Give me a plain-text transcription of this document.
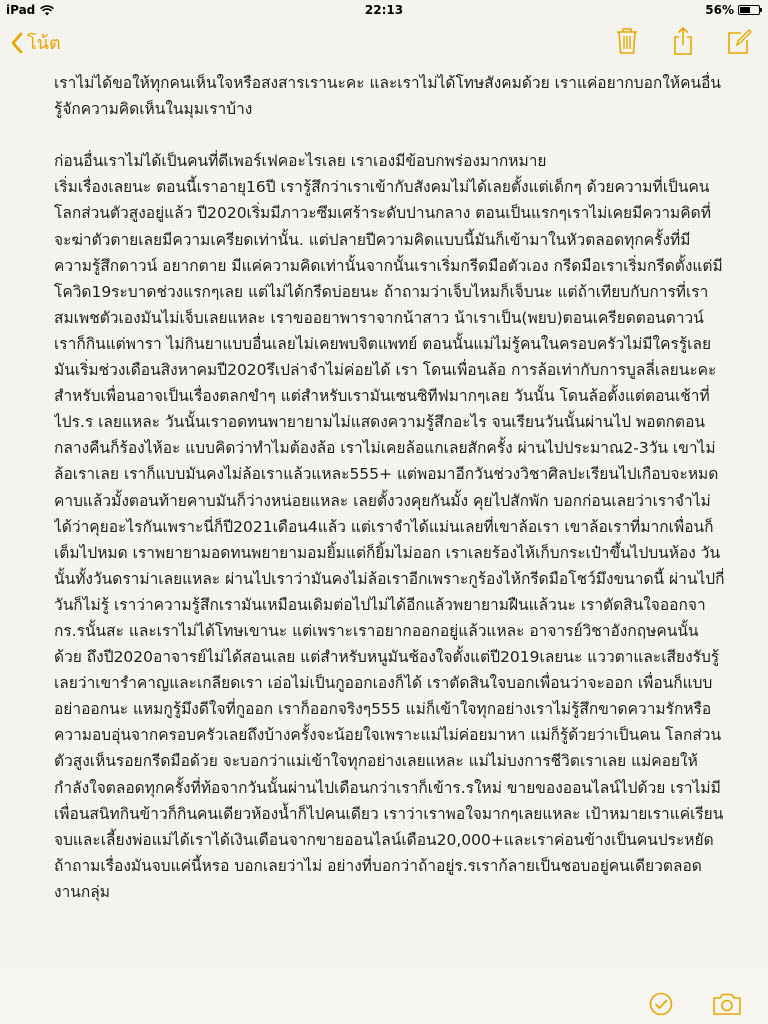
iPad	22:13	56%
โน้ต

เราไม่ได้ขอให้ทุกคนเห็นใจหรือสงสารเรานะคะ และเราไม่ได้โทษสังคมด้วย เราแค่อยากบอกให้คนอื่นรู้จักความคิดเห็นในมุมเราบ้าง

ก่อนอื่นเราไม่ได้เป็นคนที่ดีเพอร์เฟคอะไรเลย เราเองมีข้อบกพร่องมากหมาย

เริ่มเรื่องเลยนะ ตอนนี้เราอายุ16ปี เรารู้สึกว่าเราเข้ากับสังคมไม่ได้เลยตั้งแต่เด็กๆ ด้วยความที่เป็นคนโลกส่วนตัวสูงอยู่แล้ว ปี2020เริ่มมีภาวะซึมเศร้าระดับปานกลาง ตอนเป็นแรกๆเราไม่เคยมีความคิดที่จะฆ่าตัวตายเลยมีความเครียดเท่านั้น. แต่ปลายปีความคิดแบบนี้มันก็เข้ามาในหัวตลอดทุกครั้งที่มีความรู้สึกดาวน์ อยากตาย มีแค่ความคิดเท่านั้นจากนั้นเราเริ่มกรีดมือตัวเอง กรีดมือเราเริ่มกรีดตั้งแต่มีโควิด19ระบาดช่วงแรกๆเลย แต่ไม่ได้กรีดบ่อยนะ ถ้าถามว่าเจ็บไหมก็เจ็บนะ แต่ถ้าเทียบกับการที่เราสมเพชตัวเองมันไม่เจ็บเลยแหละ เราขออยาพาราจากน้าสาว น้าเราเป็น(พยบ)ตอนเครียดตอนดาวน์เราก็กินแต่พารา ไม่กินยาแบบอื่นเลยไม่เคยพบจิตแพทย์ ตอนนั้นแม่ไม่รู้คนในครอบครัวไม่มีใครรู้เลย

มันเริ่มช่วงเดือนสิงหาคมปี2020รึเปล่าจำไม่ค่อยได้ เรา โดนเพื่อนล้อ การล้อเท่ากับการบูลลี่เลยนะคะ

สำหรับเพื่อนอาจเป็นเรื่องตลกขำๆ แต่สำหรับเรามันเซนซิทีฟมากๆเลย วันนั้น โดนล้อตั้งแต่ตอนเช้าที่ไปร.ร เลยแหละ วันนั้นเราอดทนพายายามไม่แสดงความรู้สึกอะไร จนเรียนวันนั้นผ่านไป พอตกตอนกลางคืนก็ร้องไห้อะ แบบคิดว่าทำไมต้องล้อ เราไม่เคยล้อแกเลยสักครั้ง ผ่านไปประมาณ2-3วัน เขาไม่ล้อเราเลย เราก็แบบมันคงไม่ล้อเราแล้วแหละ555+ แต่พอมาอีกวันช่วงวิชาศิลปะเรียนไปเกือบจะหมดคาบแล้วมั้งตอนท้ายคาบมันก็ว่างหน่อยแหละ เลยตั้งวงคุยกันมั้ง คุยไปสักพัก บอกก่อนเลยว่าเราจำไม่ได้ว่าคุยอะไรกันเพราะนี่ก็ปี2021เดือน4แล้ว แต่เราจำได้แม่นเลยที่เขาล้อเรา เขาล้อเราที่มากเพื่อนก็เต็มไปหมด เราพยายามอดทนพยายามอมยิ้มแต่ก็ยิ้มไม่ออก เราเลยร้องไห้เก็บกระเป๋าขึ้นไปบนห้อง วันนั้นทั้งวันดราม่าเลยแหละ ผ่านไปเราว่ามันคงไม่ล้อเราอีกเพราะกูร้องไห้กรีดมือโชว์มึงขนาดนี้ ผ่านไปกี่วันก็ไม่รู้ เราว่าความรู้สึกเรามันเหมือนเดิมต่อไปไม่ได้อีกแล้วพยายามฝืนแล้วนะ เราตัดสินใจออกจากร.รนั้นสะ และเราไม่ได้โทษเขานะ แต่เพราะเราอยากออกอยู่แล้วแหละ อาจารย์วิชาอังกฤษคนนั้นด้วย ถึงปี2020อาจารย์ไม่ได้สอนเลย แต่สำหรับหนูมันช้องใจตั้งแต่ปี2019เลยนะ แววตาและเสียงรับรู้เลยว่าเขารำคาญและเกลียดเรา เอ่อไม่เป็นกูออกเองก็ได้ เราตัดสินใจบอกเพื่อนว่าจะออก เพื่อนก็แบบอย่าออกนะ แหมกูรู้มึงดีใจที่กูออก เราก็ออกจริงๆ555 แม่ก็เข้าใจทุกอย่างเราไม่รู้สึกขาดความรักหรือความอบอุ่นจากครอบครัวเลยถึงบ้างครั้งจะน้อยใจเพราะแม่ไม่ค่อยมาหา แม่ก็รู้ด้วยว่าเป็นคน โลกส่วนตัวสูงเห็นรอยกรีดมือด้วย จะบอกว่าแม่เข้าใจทุกอย่างเลยแหละ แม่ไม่บงการชีวิตเราเลย แม่คอยให้กำลังใจตลอดทุกครั้งที่ท้อจากวันนั้นผ่านไปเดือนกว่าเราก็เข้าร.รใหม่ ขายของออนไลน์ไปด้วย เราไม่มีเพื่อนสนิทกินข้าวก็กินคนเดียวห้องน้ำก็ไปคนเดียว เราว่าเราพอใจมากๆเลยแหละ เป้าหมายเราแค่เรียนจบและเลี้ยงพ่อแม่ได้เราได้เงินเดือนจากขายออนไลน์เดือน20,000+และเราค่อนข้างเป็นคนประหยัด ถ้าถามเรื่องมันจบแค่นี้หรอ บอกเลยว่าไม่ อย่างที่บอกว่าถ้าอยู่ร.รเราก้ลายเป็นชอบอยู่คนเดียวตลอด งานกลุ่ม
